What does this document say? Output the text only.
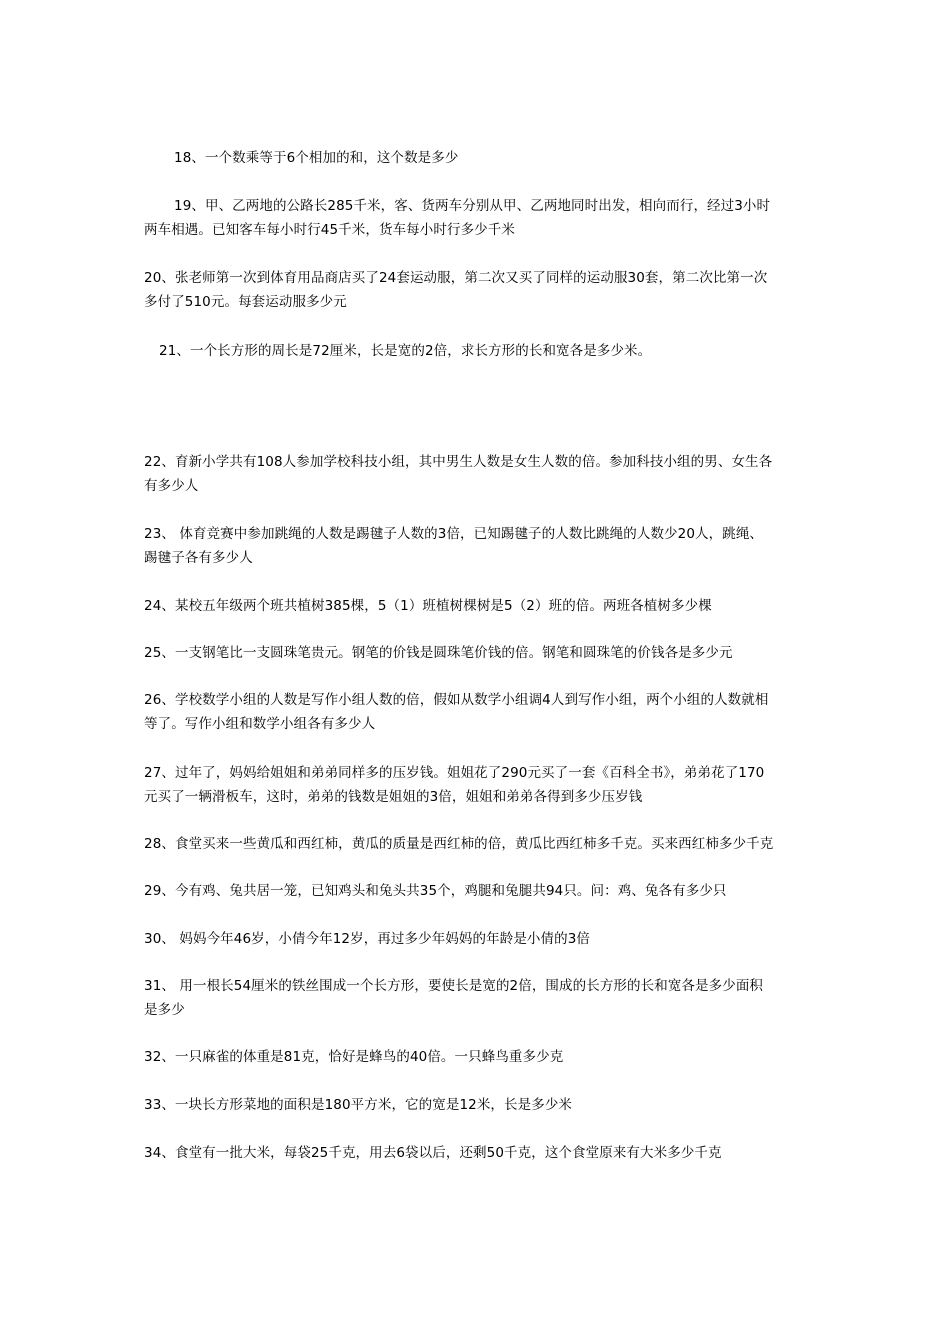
18、一个数乘等于6个相加的和，这个数是多少
19、甲、乙两地的公路长285千米，客、货两车分别从甲、乙两地同时出发，相向而行，经过3小时
两车相遇。已知客车每小时行45千米，货车每小时行多少千米
20、张老师第一次到体育用品商店买了24套运动服，第二次又买了同样的运动服30套，第二次比第一次
多付了510元。每套运动服多少元
21、一个长方形的周长是72厘米，长是宽的2倍，求长方形的长和宽各是多少米。
22、育新小学共有108人参加学校科技小组，其中男生人数是女生人数的倍。参加科技小组的男、女生各
有多少人
23、 体育竞赛中参加跳绳的人数是踢毽子人数的3倍，已知踢毽子的人数比跳绳的人数少20人，跳绳、
踢毽子各有多少人
24、某校五年级两个班共植树385棵，5（1）班植树棵树是5（2）班的倍。两班各植树多少棵
25、一支钢笔比一支圆珠笔贵元。钢笔的价钱是圆珠笔价钱的倍。钢笔和圆珠笔的价钱各是多少元
26、学校数学小组的人数是写作小组人数的倍，假如从数学小组调4人到写作小组，两个小组的人数就相
等了。写作小组和数学小组各有多少人
27、过年了，妈妈给姐姐和弟弟同样多的压岁钱。姐姐花了290元买了一套《百科全书》，弟弟花了170
元买了一辆滑板车，这时，弟弟的钱数是姐姐的3倍，姐姐和弟弟各得到多少压岁钱
28、食堂买来一些黄瓜和西红柿，黄瓜的质量是西红柿的倍，黄瓜比西红柿多千克。买来西红柿多少千克
29、今有鸡、兔共居一笼，已知鸡头和兔头共35个，鸡腿和兔腿共94只。问：鸡、兔各有多少只
30、 妈妈今年46岁，小倩今年12岁，再过多少年妈妈的年龄是小倩的3倍
31、 用一根长54厘米的铁丝围成一个长方形，要使长是宽的2倍，围成的长方形的长和宽各是多少面积
是多少
32、一只麻雀的体重是81克，恰好是蜂鸟的40倍。一只蜂鸟重多少克
33、一块长方形菜地的面积是180平方米，它的宽是12米，长是多少米
34、食堂有一批大米，每袋25千克，用去6袋以后，还剩50千克，这个食堂原来有大米多少千克
